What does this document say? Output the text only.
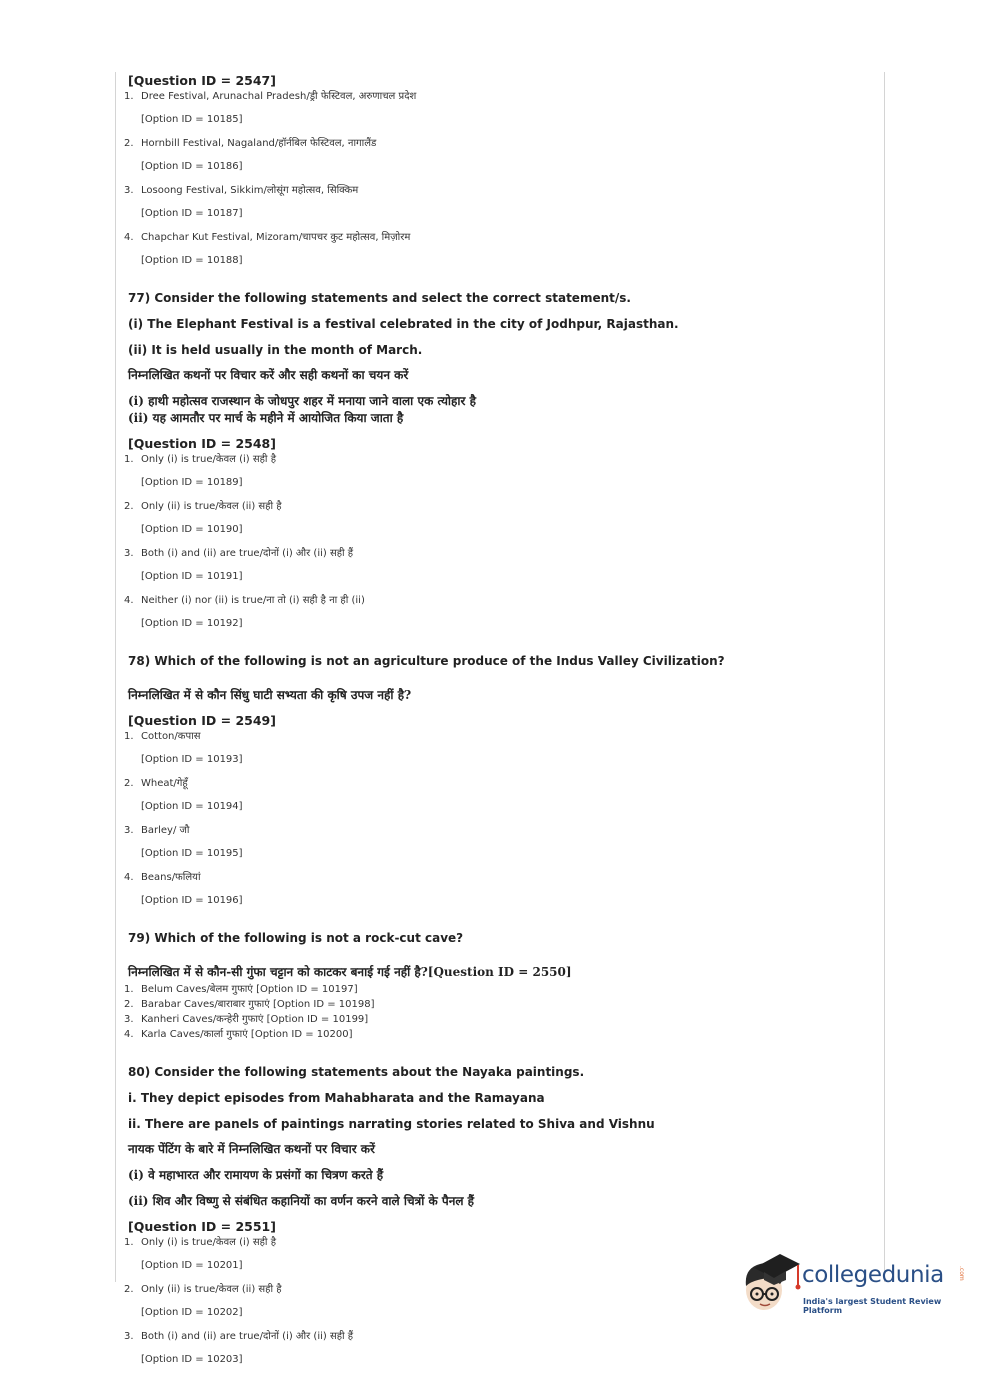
[Question ID = 2547]
1. Dree Festival, Arunachal Pradesh/ड्री फेस्टिवल, अरुणाचल प्रदेश
[Option ID = 10185]
2. Hornbill Festival, Nagaland/हॉर्नबिल फेस्टिवल, नागालैंड
[Option ID = 10186]
3. Losoong Festival, Sikkim/लोसूंग महोत्सव, सिक्किम
[Option ID = 10187]
4. Chapchar Kut Festival, Mizoram/चापचर कुट महोत्सव, मिज़ोरम
[Option ID = 10188]
77) Consider the following statements and select the correct statement/s.
(i) The Elephant Festival is a festival celebrated in the city of Jodhpur, Rajasthan.
(ii) It is held usually in the month of March.
निम्नलिखित कथनों पर विचार करें और सही कथनों का चयन करें
(i) हाथी महोत्सव राजस्थान के जोधपुर शहर में मनाया जाने वाला एक त्योहार है
(ii) यह आमतौर पर मार्च के महीने में आयोजित किया जाता है
[Question ID = 2548]
1. Only (i) is true/केवल (i) सही है
[Option ID = 10189]
2. Only (ii) is true/केवल (ii) सही है
[Option ID = 10190]
3. Both (i) and (ii) are true/दोनों (i) और (ii) सही हैं
[Option ID = 10191]
4. Neither (i) nor (ii) is true/ना तो (i) सही है ना ही (ii)
[Option ID = 10192]
78) Which of the following is not an agriculture produce of the Indus Valley Civilization?
निम्नलिखित में से कौन सिंधु घाटी सभ्यता की कृषि उपज नहीं है?
[Question ID = 2549]
1. Cotton/कपास
[Option ID = 10193]
2. Wheat/गेहूँ
[Option ID = 10194]
3. Barley/ जौ
[Option ID = 10195]
4. Beans/फलियां
[Option ID = 10196]
79) Which of the following is not a rock-cut cave?
निम्नलिखित में से कौन-सी गुंफा चट्टान को काटकर बनाई गई नहीं है?[Question ID = 2550]
1. Belum Caves/बेलम गुफाएं [Option ID = 10197]
2. Barabar Caves/बाराबार गुफाएं [Option ID = 10198]
3. Kanheri Caves/कन्हेरी गुफाएं [Option ID = 10199]
4. Karla Caves/कार्ला गुफाएं [Option ID = 10200]
80) Consider the following statements about the Nayaka paintings.
i. They depict episodes from Mahabharata and the Ramayana
ii. There are panels of paintings narrating stories related to Shiva and Vishnu
नायक पेंटिंग के बारे में निम्नलिखित कथनों पर विचार करें
(i) वे महाभारत और रामायण के प्रसंगों का चित्रण करते हैं
(ii) शिव और विष्णु से संबंधित कहानियों का वर्णन करने वाले चित्रों के पैनल हैं
[Question ID = 2551]
1. Only (i) is true/केवल (i) सही है
[Option ID = 10201]
2. Only (ii) is true/केवल (ii) सही है
[Option ID = 10202]
3. Both (i) and (ii) are true/दोनों (i) और (ii) सही हैं
[Option ID = 10203]
collegedunia .com
India's largest Student Review Platform
